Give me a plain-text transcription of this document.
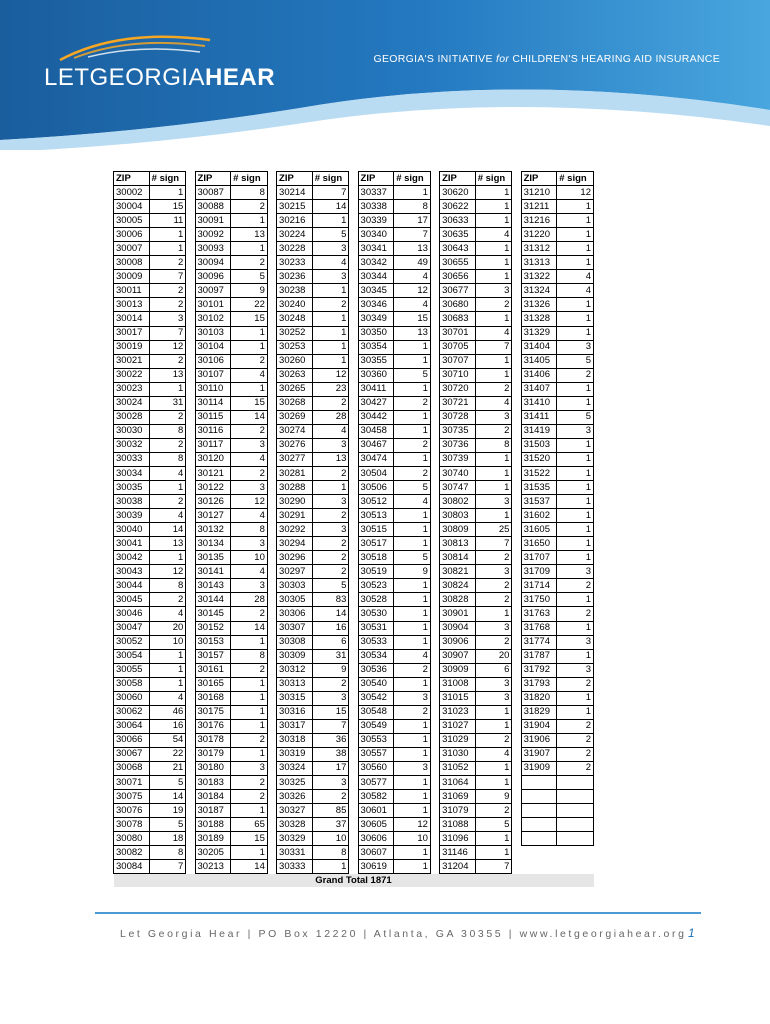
LETGEORGIAHEAR
GEORGIA'S INITIATIVE for CHILDREN'S HEARING AID INSURANCE
ZIP	# sign		ZIP	# sign		ZIP	# sign		ZIP	# sign		ZIP	# sign		ZIP	# sign
30002	1		30087	8		30214	7		30337	1		30620	1		31210	12
30004	15		30088	2		30215	14		30338	8		30622	1		31211	1
30005	11		30091	1		30216	1		30339	17		30633	1		31216	1
30006	1		30092	13		30224	5		30340	7		30635	4		31220	1
30007	1		30093	1		30228	3		30341	13		30643	1		31312	1
30008	2		30094	2		30233	4		30342	49		30655	1		31313	1
30009	7		30096	5		30236	3		30344	4		30656	1		31322	4
30011	2		30097	9		30238	1		30345	12		30677	3		31324	4
30013	2		30101	22		30240	2		30346	4		30680	2		31326	1
30014	3		30102	15		30248	1		30349	15		30683	1		31328	1
30017	7		30103	1		30252	1		30350	13		30701	4		31329	1
30019	12		30104	1		30253	1		30354	1		30705	7		31404	3
30021	2		30106	2		30260	1		30355	1		30707	1		31405	5
30022	13		30107	4		30263	12		30360	5		30710	1		31406	2
30023	1		30110	1		30265	23		30411	1		30720	2		31407	1
30024	31		30114	15		30268	2		30427	2		30721	4		31410	1
30028	2		30115	14		30269	28		30442	1		30728	3		31411	5
30030	8		30116	2		30274	4		30458	1		30735	2		31419	3
30032	2		30117	3		30276	3		30467	2		30736	8		31503	1
30033	8		30120	4		30277	13		30474	1		30739	1		31520	1
30034	4		30121	2		30281	2		30504	2		30740	1		31522	1
30035	1		30122	3		30288	1		30506	5		30747	1		31535	1
30038	2		30126	12		30290	3		30512	4		30802	3		31537	1
30039	4		30127	4		30291	2		30513	1		30803	1		31602	1
30040	14		30132	8		30292	3		30515	1		30809	25		31605	1
30041	13		30134	3		30294	2		30517	1		30813	7		31650	1
30042	1		30135	10		30296	2		30518	5		30814	2		31707	1
30043	12		30141	4		30297	2		30519	9		30821	3		31709	3
30044	8		30143	3		30303	5		30523	1		30824	2		31714	2
30045	2		30144	28		30305	83		30528	1		30828	2		31750	1
30046	4		30145	2		30306	14		30530	1		30901	1		31763	2
30047	20		30152	14		30307	16		30531	1		30904	3		31768	1
30052	10		30153	1		30308	6		30533	1		30906	2		31774	3
30054	1		30157	8		30309	31		30534	4		30907	20		31787	1
30055	1		30161	2		30312	9		30536	2		30909	6		31792	3
30058	1		30165	1		30313	2		30540	1		31008	3		31793	2
30060	4		30168	1		30315	3		30542	3		31015	3		31820	1
30062	46		30175	1		30316	15		30548	2		31023	1		31829	1
30064	16		30176	1		30317	7		30549	1		31027	1		31904	2
30066	54		30178	2		30318	36		30553	1		31029	2		31906	2
30067	22		30179	1		30319	38		30557	1		31030	4		31907	2
30068	21		30180	3		30324	17		30560	3		31052	1		31909	2
30071	5		30183	2		30325	3		30577	1		31064	1			
30075	14		30184	2		30326	2		30582	1		31069	9			
30076	19		30187	1		30327	85		30601	1		31079	2			
30078	5		30188	65		30328	37		30605	12		31088	5			
30080	18		30189	15		30329	10		30606	10		31096	1			
30082	8		30205	1		30331	8		30607	1		31146	1			
30084	7		30213	14		30333	1		30619	1		31204	7			
Grand Total 1871																
Let Georgia Hear | PO Box 12220 | Atlanta, GA 30355 | www.letgeorgiahear.org 1
